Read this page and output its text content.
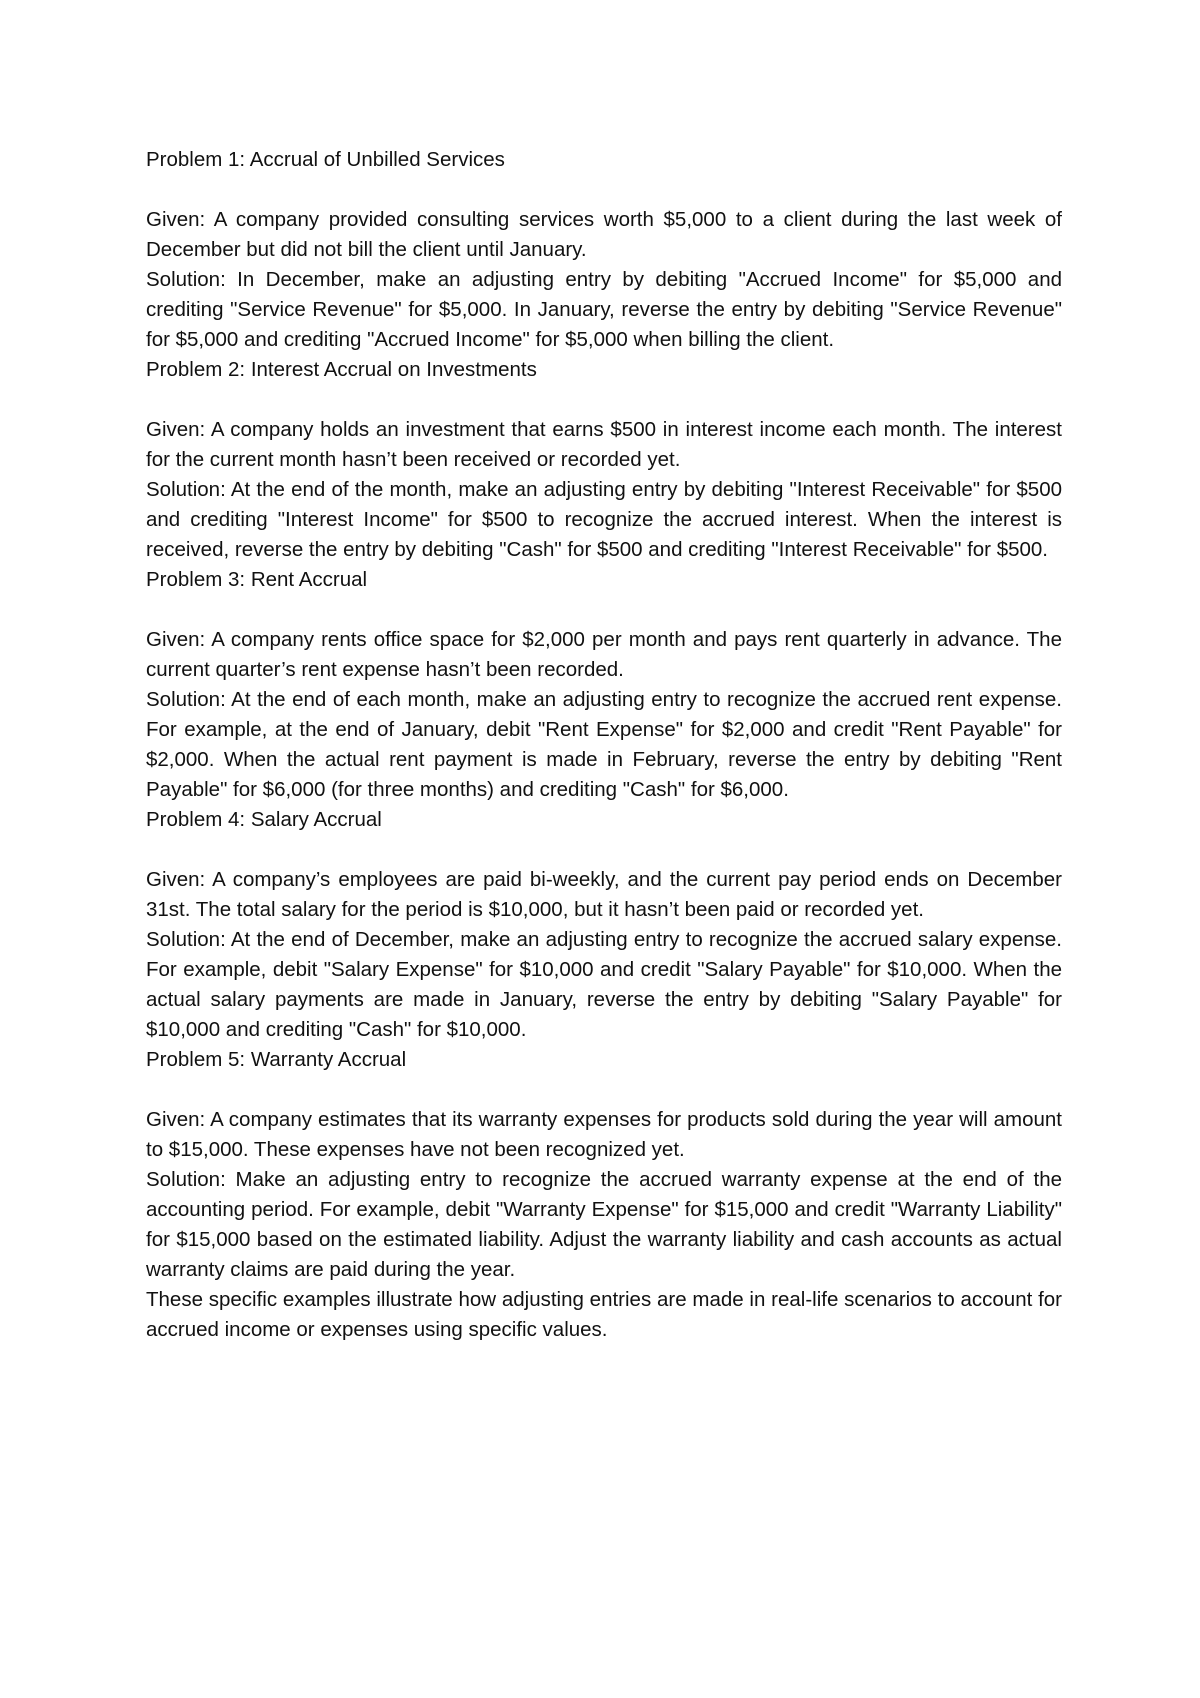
Problem 1: Accrual of Unbilled Services

Given: A company provided consulting services worth $5,000 to a client during the last week of December but did not bill the client until January.

Solution: In December, make an adjusting entry by debiting "Accrued Income" for $5,000 and crediting "Service Revenue" for $5,000. In January, reverse the entry by debiting "Service Revenue" for $5,000 and crediting "Accrued Income" for $5,000 when billing the client.

Problem 2: Interest Accrual on Investments

Given: A company holds an investment that earns $500 in interest income each month. The interest for the current month hasn’t been received or recorded yet.

Solution: At the end of the month, make an adjusting entry by debiting "Interest Receivable" for $500 and crediting "Interest Income" for $500 to recognize the accrued interest. When the interest is received, reverse the entry by debiting "Cash" for $500 and crediting "Interest Receivable" for $500.

Problem 3: Rent Accrual

Given: A company rents office space for $2,000 per month and pays rent quarterly in advance. The current quarter’s rent expense hasn’t been recorded.

Solution: At the end of each month, make an adjusting entry to recognize the accrued rent expense. For example, at the end of January, debit "Rent Expense" for $2,000 and credit "Rent Payable" for $2,000. When the actual rent payment is made in February, reverse the entry by debiting "Rent Payable" for $6,000 (for three months) and crediting "Cash" for $6,000.

Problem 4: Salary Accrual

Given: A company’s employees are paid bi-weekly, and the current pay period ends on December 31st. The total salary for the period is $10,000, but it hasn’t been paid or recorded yet.

Solution: At the end of December, make an adjusting entry to recognize the accrued salary expense. For example, debit "Salary Expense" for $10,000 and credit "Salary Payable" for $10,000. When the actual salary payments are made in January, reverse the entry by debiting "Salary Payable" for $10,000 and crediting "Cash" for $10,000.

Problem 5: Warranty Accrual

Given: A company estimates that its warranty expenses for products sold during the year will amount to $15,000. These expenses have not been recognized yet.

Solution: Make an adjusting entry to recognize the accrued warranty expense at the end of the accounting period. For example, debit "Warranty Expense" for $15,000 and credit "Warranty Liability" for $15,000 based on the estimated liability. Adjust the warranty liability and cash accounts as actual warranty claims are paid during the year.

These specific examples illustrate how adjusting entries are made in real-life scenarios to account for accrued income or expenses using specific values.
